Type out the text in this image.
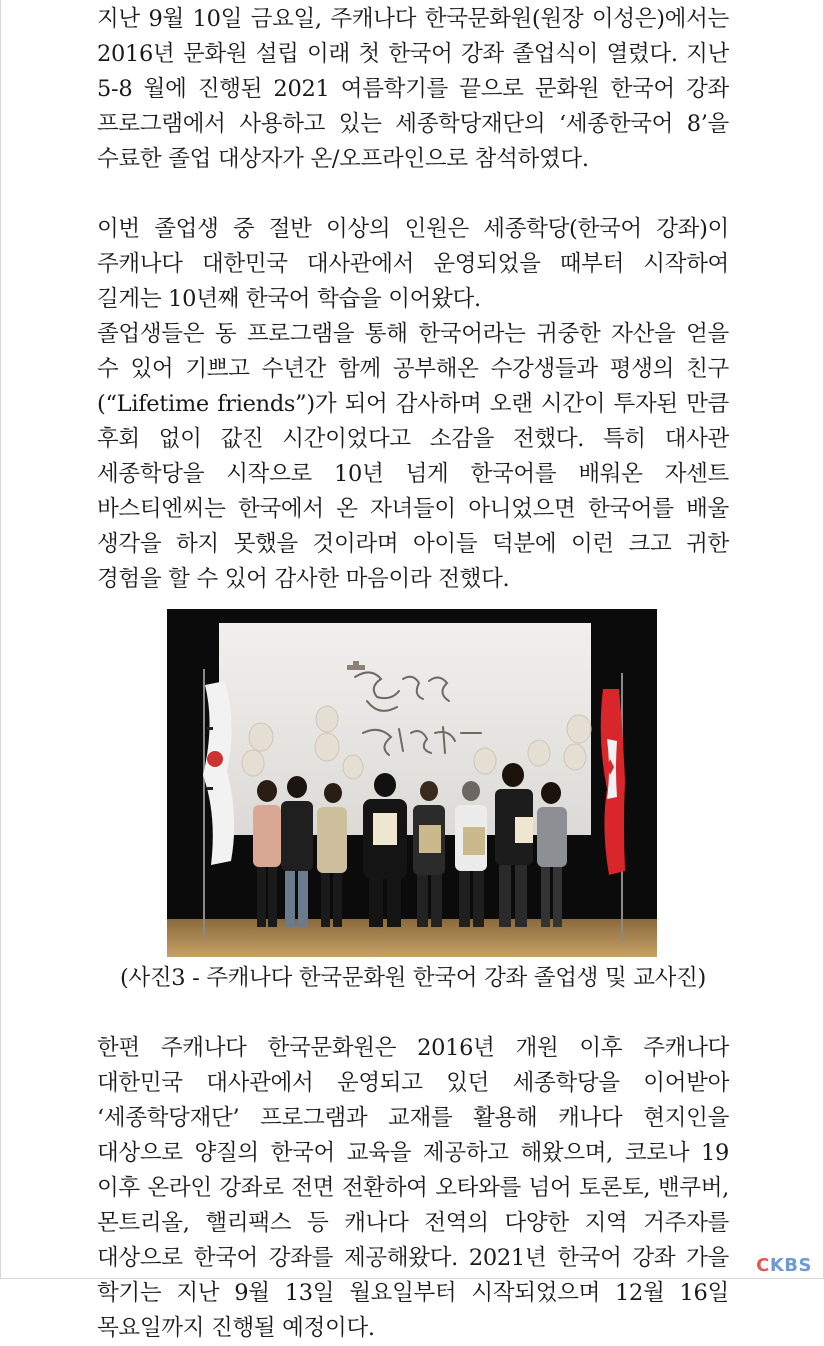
지난 9월 10일 금요일, 주캐나다 한국문화원(원장 이성은)에서는 2016년 문화원 설립 이래 첫 한국어 강좌 졸업식이 열렸다. 지난 5-8 월에 진행된 2021 여름학기를 끝으로 문화원 한국어 강좌 프로그램에서 사용하고 있는 세종학당재단의 ‘세종한국어 8’을 수료한 졸업 대상자가 온/오프라인으로 참석하였다.

이번 졸업생 중 절반 이상의 인원은 세종학당(한국어 강좌)이 주캐나다 대한민국 대사관에서 운영되었을 때부터 시작하여 길게는 10년째 한국어 학습을 이어왔다.

졸업생들은 동 프로그램을 통해 한국어라는 귀중한 자산을 얻을 수 있어 기쁘고 수년간 함께 공부해온 수강생들과 평생의 친구(“Lifetime friends”)가 되어 감사하며 오랜 시간이 투자된 만큼 후회 없이 값진 시간이었다고 소감을 전했다. 특히 대사관 세종학당을 시작으로 10년 넘게 한국어를 배워온 자센트 바스티엔씨는 한국에서 온 자녀들이 아니었으면 한국어를 배울 생각을 하지 못했을 것이라며 아이들 덕분에 이런 크고 귀한 경험을 할 수 있어 감사한 마음이라 전했다.

(사진3 - 주캐나다 한국문화원 한국어 강좌 졸업생 및 교사진)

한편 주캐나다 한국문화원은 2016년 개원 이후 주캐나다 대한민국 대사관에서 운영되고 있던 세종학당을 이어받아 ‘세종학당재단’ 프로그램과 교재를 활용해 캐나다 현지인을 대상으로 양질의 한국어 교육을 제공하고 해왔으며, 코로나 19 이후 온라인 강좌로 전면 전환하여 오타와를 넘어 토론토, 밴쿠버, 몬트리올, 핼리팩스 등 캐나다 전역의 다양한 지역 거주자를 대상으로 한국어 강좌를 제공해왔다. 2021년 한국어 강좌 가을 학기는 지난 9월 13일 월요일부터 시작되었으며 12월 16일 목요일까지 진행될 예정이다.

CKBS
